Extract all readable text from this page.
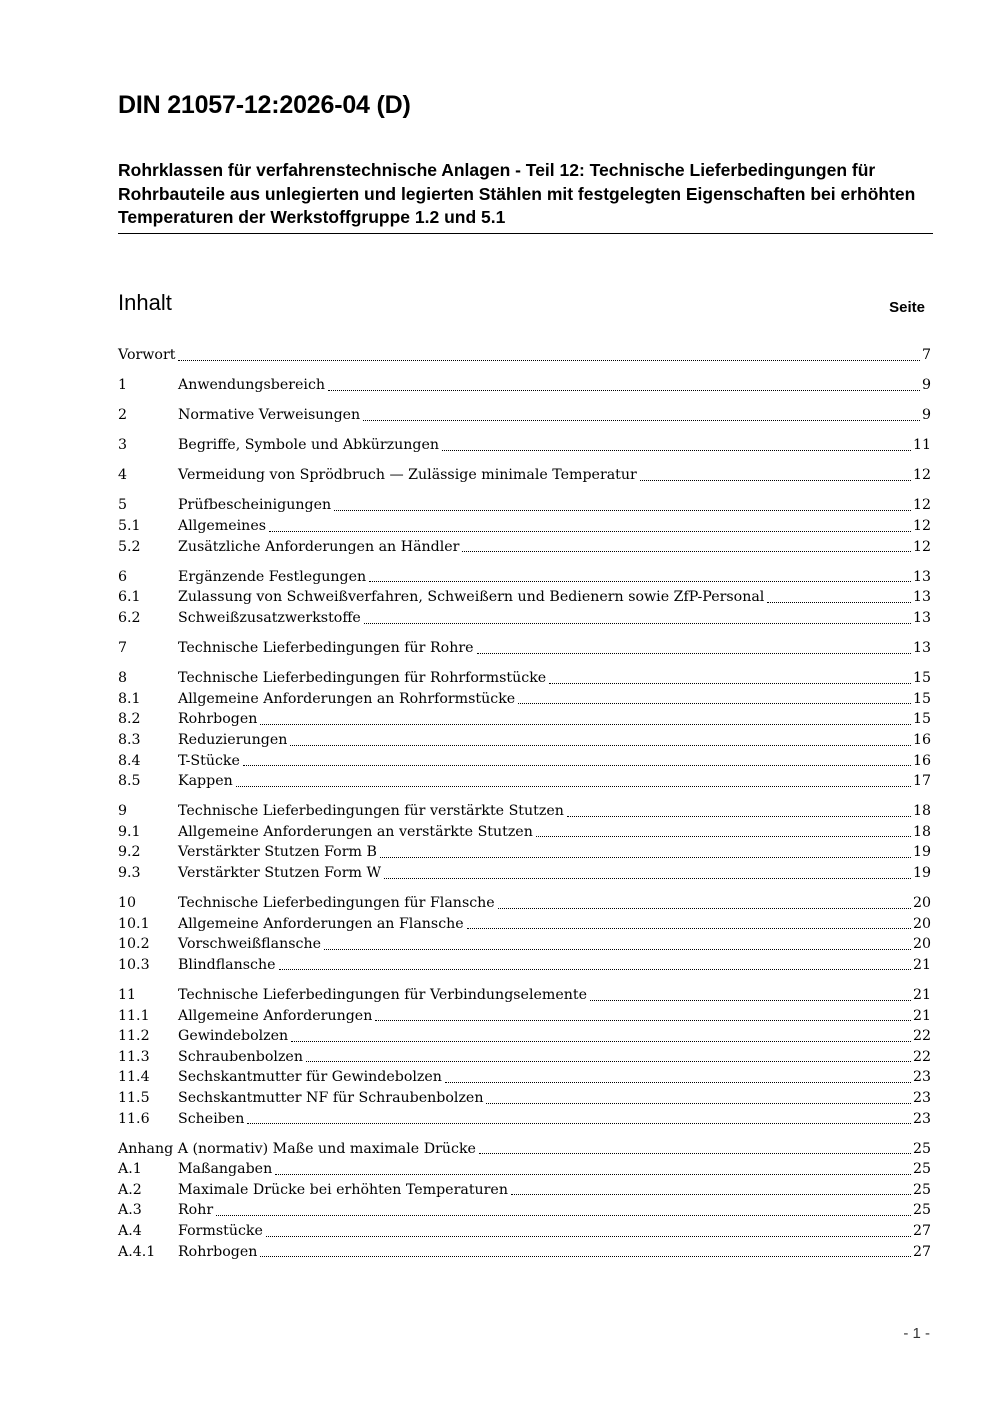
DIN 21057-12:2026-04 (D)
Rohrklassen für verfahrenstechnische Anlagen - Teil 12: Technische Lieferbedingungen für Rohrbauteile aus unlegierten und legierten Stählen mit festgelegten Eigenschaften bei erhöhten Temperaturen der Werkstoffgruppe 1.2 und 5.1
Inhalt	Seite
Vorwort	7
1	Anwendungsbereich	9
2	Normative Verweisungen	9
3	Begriffe, Symbole und Abkürzungen	11
4	Vermeidung von Sprödbruch — Zulässige minimale Temperatur	12
5	Prüfbescheinigungen	12
5.1	Allgemeines	12
5.2	Zusätzliche Anforderungen an Händler	12
6	Ergänzende Festlegungen	13
6.1	Zulassung von Schweißverfahren, Schweißern und Bedienern sowie ZfP-Personal	13
6.2	Schweißzusatzwerkstoffe	13
7	Technische Lieferbedingungen für Rohre	13
8	Technische Lieferbedingungen für Rohrformstücke	15
8.1	Allgemeine Anforderungen an Rohrformstücke	15
8.2	Rohrbogen	15
8.3	Reduzierungen	16
8.4	T-Stücke	16
8.5	Kappen	17
9	Technische Lieferbedingungen für verstärkte Stutzen	18
9.1	Allgemeine Anforderungen an verstärkte Stutzen	18
9.2	Verstärkter Stutzen Form B	19
9.3	Verstärkter Stutzen Form W	19
10	Technische Lieferbedingungen für Flansche	20
10.1	Allgemeine Anforderungen an Flansche	20
10.2	Vorschweißflansche	20
10.3	Blindflansche	21
11	Technische Lieferbedingungen für Verbindungselemente	21
11.1	Allgemeine Anforderungen	21
11.2	Gewindebolzen	22
11.3	Schraubenbolzen	22
11.4	Sechskantmutter für Gewindebolzen	23
11.5	Sechskantmutter NF für Schraubenbolzen	23
11.6	Scheiben	23
Anhang A (normativ) Maße und maximale Drücke	25
A.1	Maßangaben	25
A.2	Maximale Drücke bei erhöhten Temperaturen	25
A.3	Rohr	25
A.4	Formstücke	27
A.4.1	Rohrbogen	27
- 1 -
